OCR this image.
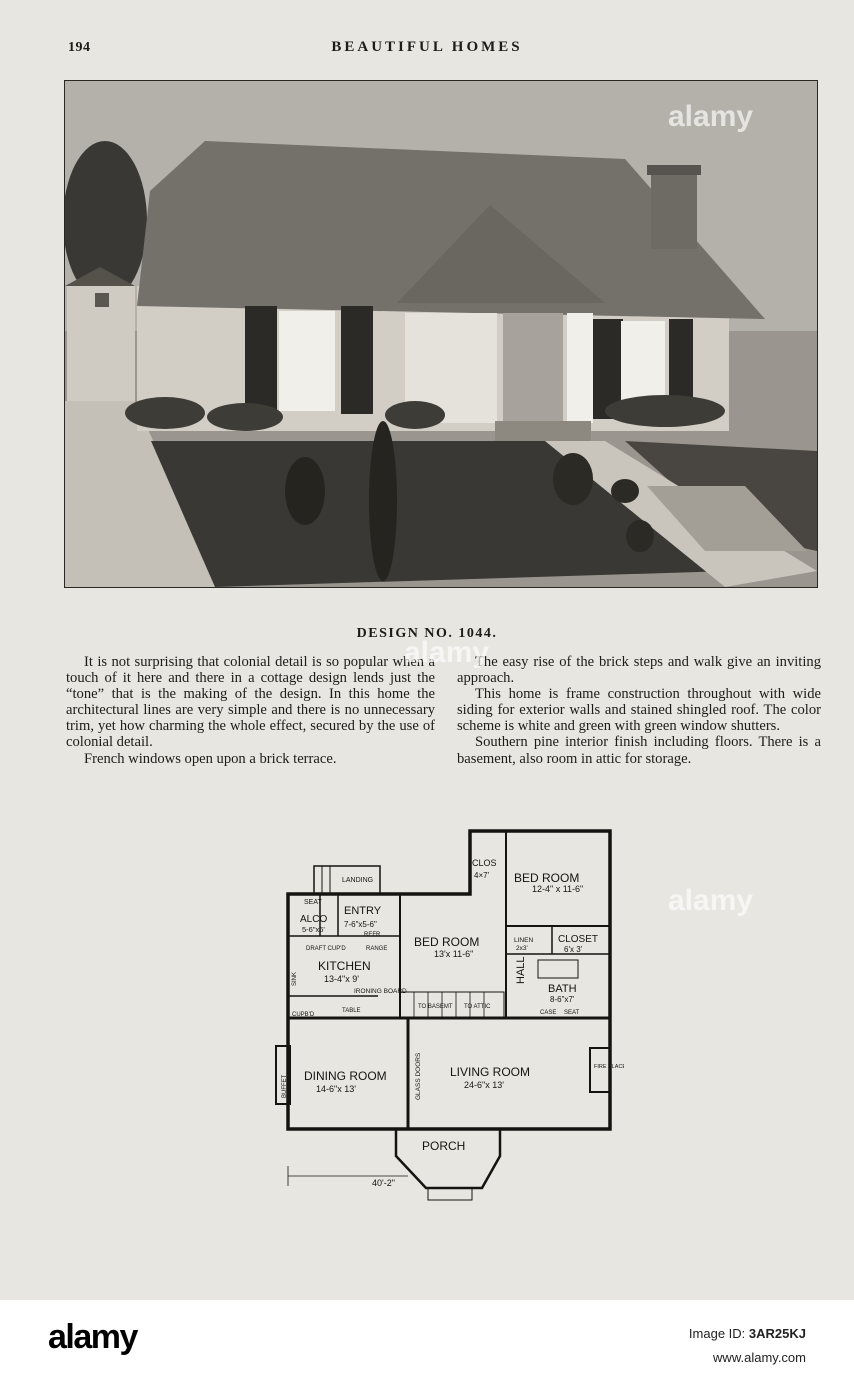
194	BEAUTIFUL HOMES
DESIGN NO. 1044.

It is not surprising that colonial detail is so popular when a touch of it here and there in a cottage design lends just the “tone” that is the making of the design. In this home the architectural lines are very simple and there is no unnecessary trim, yet how charming the whole effect, secured by the use of colonial detail.

French windows open upon a brick terrace.

The easy rise of the brick steps and walk give an inviting approach.

This home is frame construction throughout with wide siding for exterior walls and stained shingled roof. The color scheme is white and green with green window shutters.

Southern pine interior finish including floors. There is a basement, also room in attic for storage.

CLOS
4×7' BED ROOM
12-4" x 11-6"
LANDING
SEAT
ALCO
5-6"x6'
ENTRY
7-6"x5-6"
REFR
DRAFT CUP'D	RANGE BED ROOM
13'x 11-6"
LINEN
2x3'
CLOSET
6'x 3'
KITCHEN
13-4"x 9'	HALL
IRONING BOARD
SINK
BATH
8-6"x7'
TO BASEMT TO ATTIC
CUPB'D
TABLE	CASE SEAT
BUFFET DINING ROOM
14-6"x 13'	GLASS DOORS LIVING ROOM
24-6"x 13'
FIRE PLACE
PORCH
40'-2"
alamy
alamy
alamy
alamy	Image ID: 3AR25KJ
www.alamy.com
